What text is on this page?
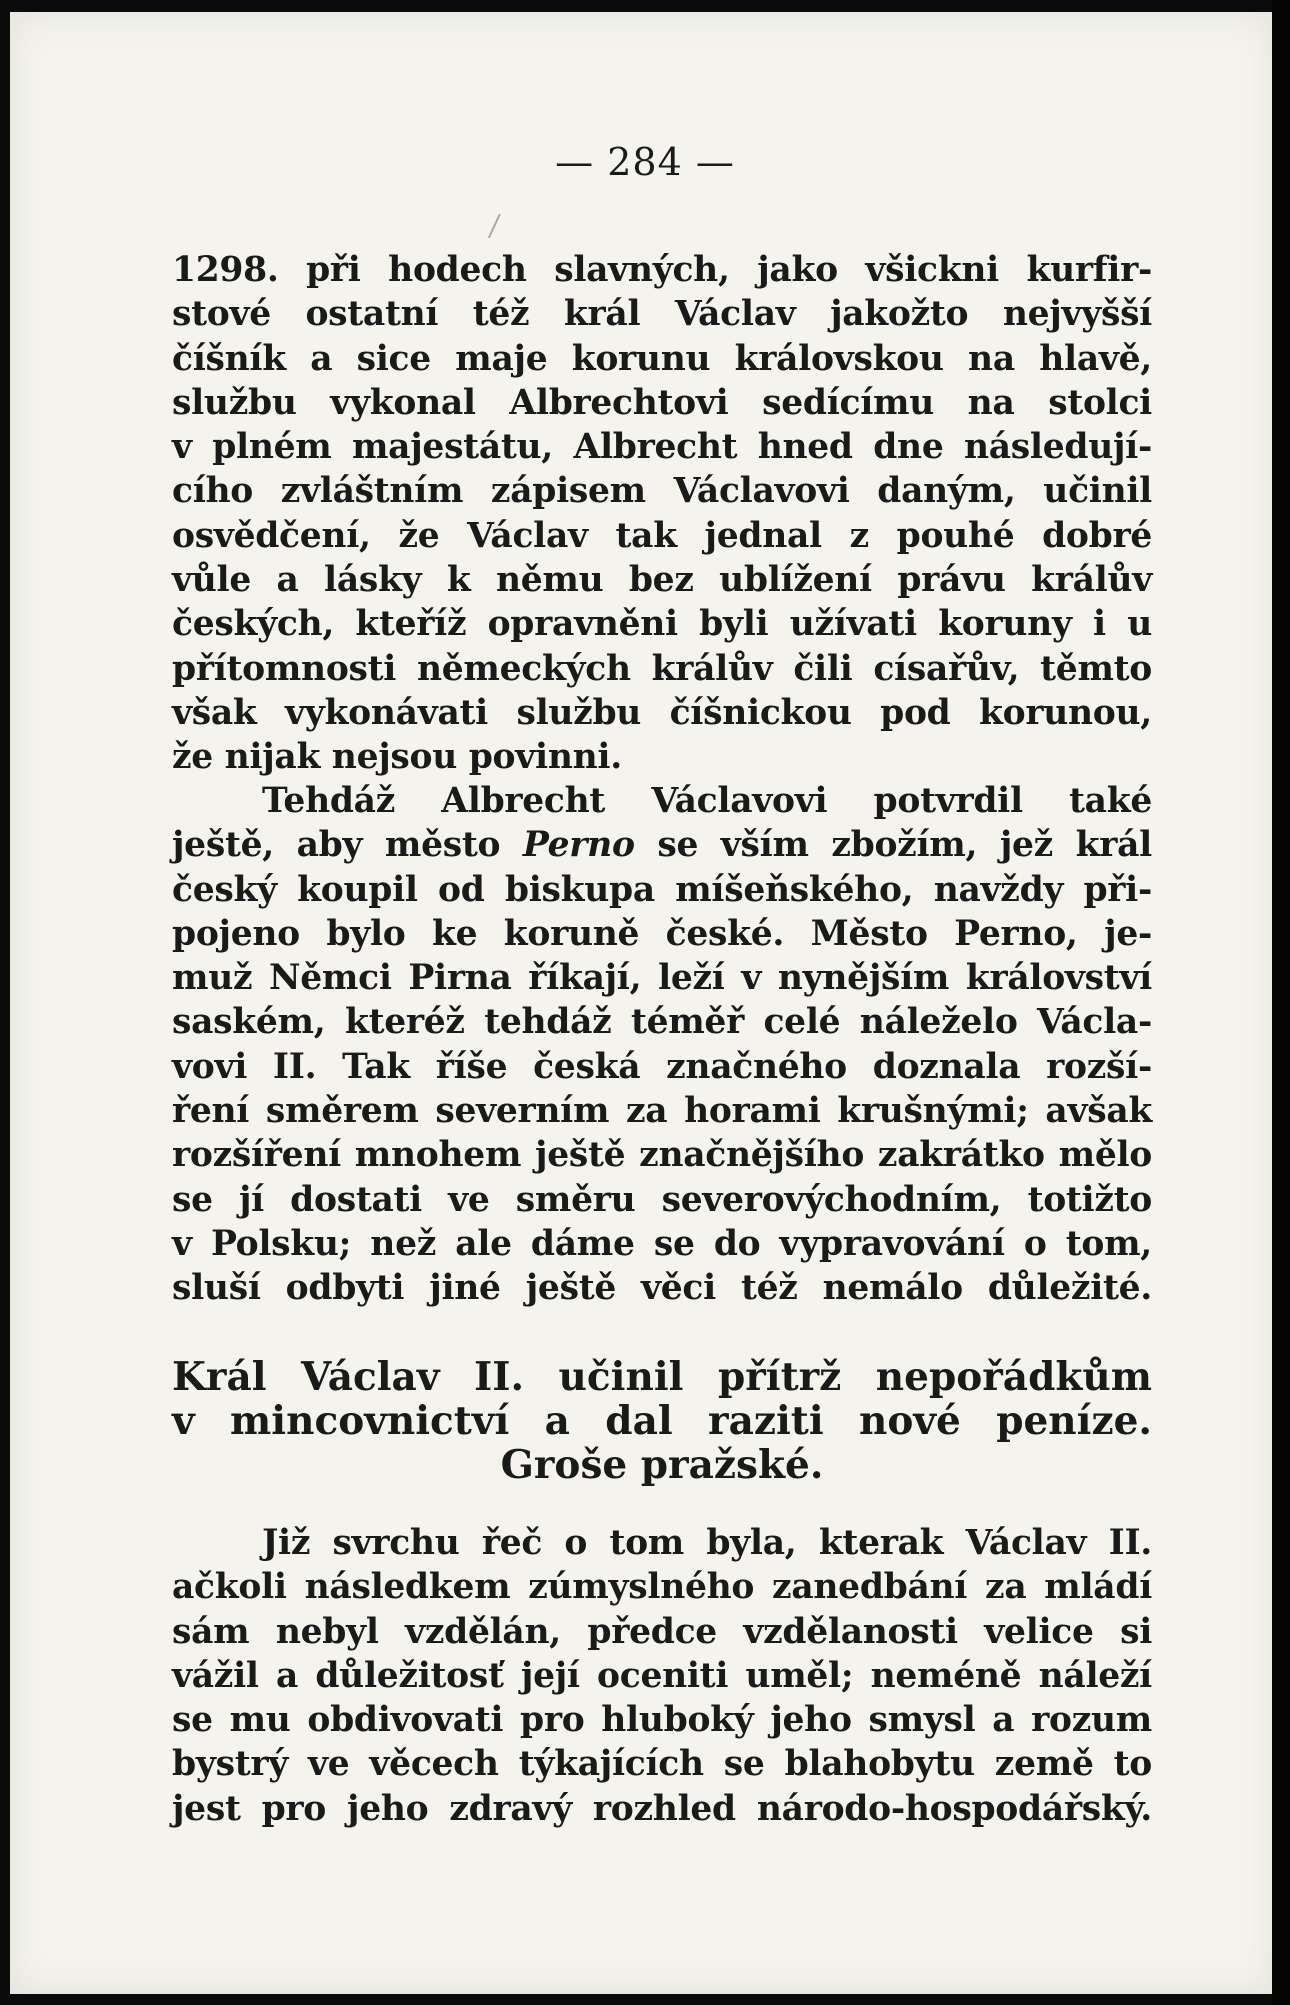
— 284 —
1298. při hodech slavných, jako všickni kurfir-
stové ostatní též král Václav jakožto nejvyšší
číšník a sice maje korunu královskou na hlavě,
službu vykonal Albrechtovi sedícímu na stolci
v plném majestátu, Albrecht hned dne následují-
cího zvláštním zápisem Václavovi daným, učinil
osvědčení, že Václav tak jednal z pouhé dobré
vůle a lásky k němu bez ublížení právu králův
českých, kteříž opravněni byli užívati koruny i u
přítomnosti německých králův čili císařův, těmto
však vykonávati službu číšnickou pod korunou,
že nijak nejsou povinni.
Tehdáž Albrecht Václavovi potvrdil také
ještě, aby město Perno se vším zbožím, jež král
český koupil od biskupa míšeňského, navždy při-
pojeno bylo ke koruně české. Město Perno, je-
muž Němci Pirna říkají, leží v nynějším království
saském, kteréž tehdáž téměř celé náleželo Václa-
vovi II. Tak říše česká značného doznala rozší-
ření směrem severním za horami krušnými; avšak
rozšíření mnohem ještě značnějšího zakrátko mělo
se jí dostati ve směru severovýchodním, totižto
v Polsku; než ale dáme se do vypravování o tom,
sluší odbyti jiné ještě věci též nemálo důležité.
Král Václav II. učinil přítrž nepořádkům
v mincovnictví a dal raziti nové peníze.
Groše pražské.
Již svrchu řeč o tom byla, kterak Václav II.
ačkoli následkem zúmyslného zanedbání za mládí
sám nebyl vzdělán, předce vzdělanosti velice si
vážil a důležitosť její oceniti uměl; neméně náleží
se mu obdivovati pro hluboký jeho smysl a rozum
bystrý ve věcech týkajících se blahobytu země to
jest pro jeho zdravý rozhled národo-hospodářský.
